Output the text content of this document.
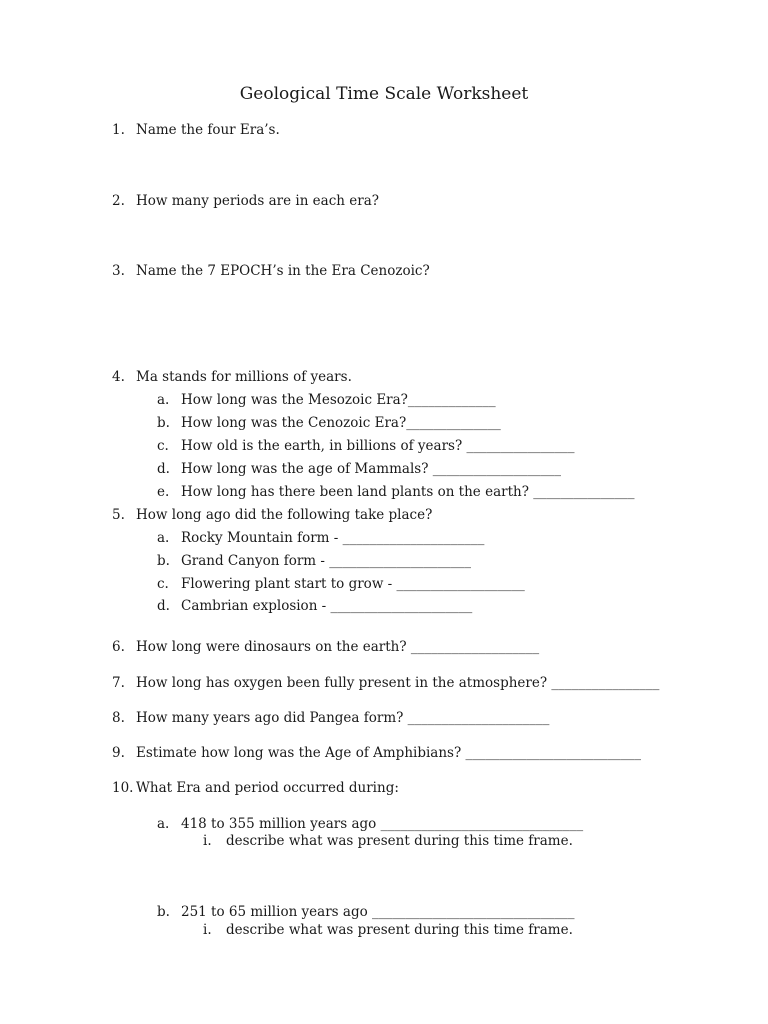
Geological Time Scale Worksheet
1. Name the four Era’s.
2. How many periods are in each era?
3. Name the 7 EPOCH’s in the Era Cenozoic?
4. Ma stands for millions of years.
a. How long was the Mesozoic Era?_____________
b. How long was the Cenozoic Era?______________
c. How old is the earth, in billions of years? ________________
d. How long was the age of Mammals? ___________________
e. How long has there been land plants on the earth? _______________
5. How long ago did the following take place?
a. Rocky Mountain form - _____________________
b. Grand Canyon form - _____________________
c. Flowering plant start to grow - ___________________
d. Cambrian explosion - _____________________
6. How long were dinosaurs on the earth? ___________________
7. How long has oxygen been fully present in the atmosphere? ________________
8. How many years ago did Pangea form? _____________________
9. Estimate how long was the Age of Amphibians? __________________________
10. What Era and period occurred during:
a. 418 to 355 million years ago ______________________________
i. describe what was present during this time frame.
b. 251 to 65 million years ago ______________________________
i. describe what was present during this time frame.
